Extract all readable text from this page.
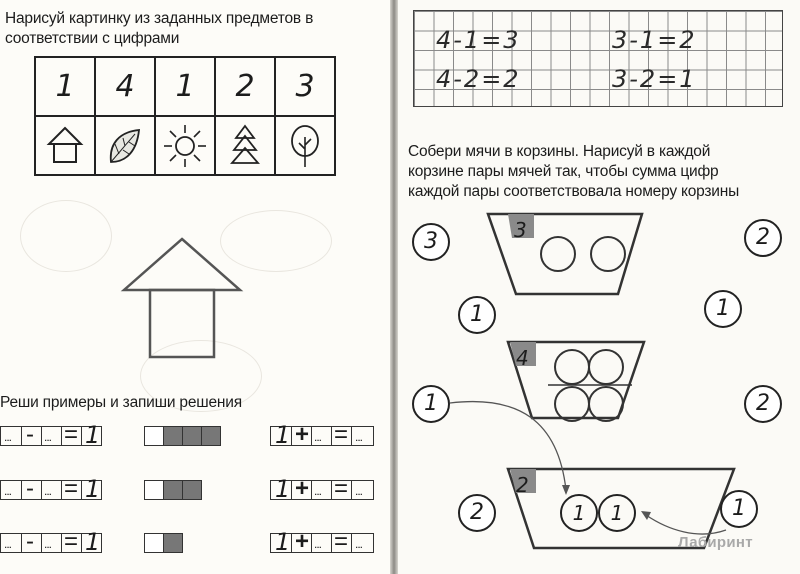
Нарисуй картинку из заданных предметов в
соответствии с цифрами
1	4	1	2	3

Реши примеры и запиши решения
... - ... = 1	1 + ... = ...
... - ... = 1	1 + ... = ...
... - ... = 1	1 + ... = ...
4-1=3	3-1=2
4-2=2	3-2=1
Собери мячи в корзины. Нарисуй в каждой
корзине пары мячей так, чтобы сумма цифр
каждой пары соответствовала номеру корзины
3
4
2
1	1
3	2
1	1
1	2
2	1
Лабиринт
